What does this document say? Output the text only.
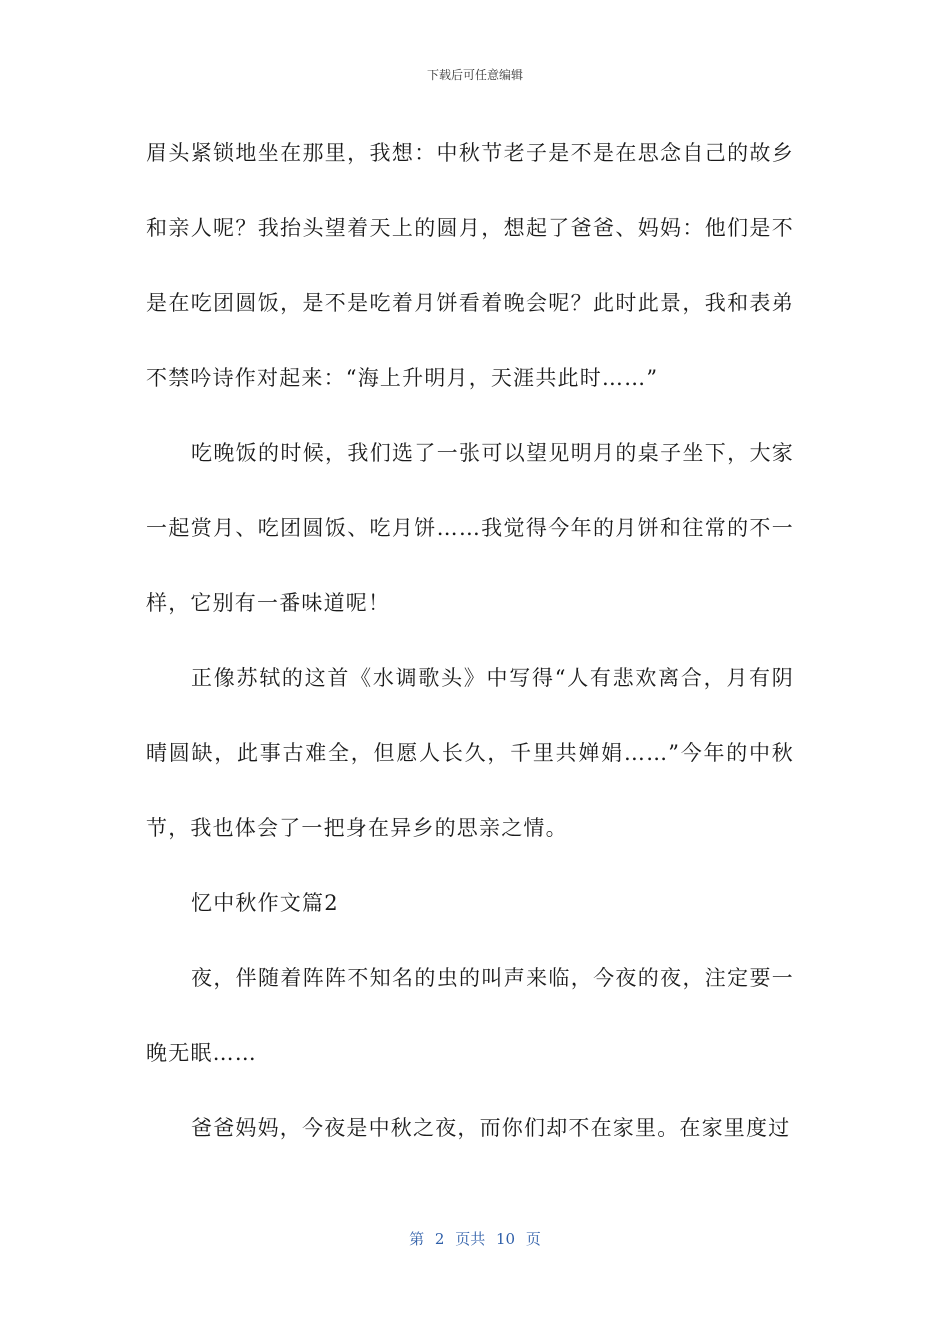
下载后可任意编辑

眉头紧锁地坐在那里，我想：中秋节老子是不是在思念自己的故乡和亲人呢？我抬头望着天上的圆月，想起了爸爸、妈妈：他们是不是在吃团圆饭，是不是吃着月饼看着晚会呢？此时此景，我和表弟不禁吟诗作对起来：“海上升明月，天涯共此时……”

吃晚饭的时候，我们选了一张可以望见明月的桌子坐下，大家一起赏月、吃团圆饭、吃月饼……我觉得今年的月饼和往常的不一样，它别有一番味道呢！

正像苏轼的这首《水调歌头》中写得“人有悲欢离合，月有阴晴圆缺，此事古难全，但愿人长久，千里共婵娟……”今年的中秋节，我也体会了一把身在异乡的思亲之情。

忆中秋作文篇2

夜，伴随着阵阵不知名的虫的叫声来临，今夜的夜，注定要一晚无眠……

爸爸妈妈，今夜是中秋之夜，而你们却不在家里。在家里度过

第 2 页共 10 页
